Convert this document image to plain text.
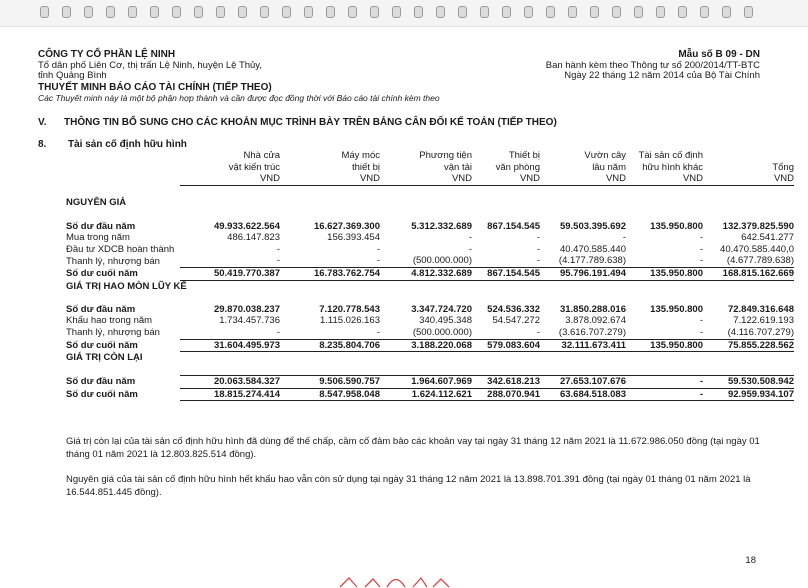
CÔNG TY CỔ PHẦN LỆ NINH
Tổ dân phố Liên Cơ, thị trấn Lệ Ninh, huyện Lệ Thủy,
tỉnh Quảng Bình
Mẫu số B 09 - DN
Ban hành kèm theo Thông tư số 200/2014/TT-BTC
Ngày 22 tháng 12 năm 2014 của Bộ Tài Chính
THUYẾT MINH BÁO CÁO TÀI CHÍNH (TIẾP THEO)
Các Thuyết minh này là một bộ phận hợp thành và cần được đọc đồng thời với Báo cáo tài chính kèm theo
V. THÔNG TIN BỔ SUNG CHO CÁC KHOẢN MỤC TRÌNH BÀY TRÊN BẢNG CÂN ĐỐI KẾ TOÁN (TIẾP THEO)
8. Tài sản cố định hữu hình
	Nhà cửa	Máy móc	Phương tiện	Thiết bị	Vườn cây	Tài sản cố định	
	vật kiến trúc	thiết bị	vận tải	văn phòng	lâu năm	hữu hình khác	Tổng
	VND	VND	VND	VND	VND	VND	VND

NGUYÊN GIÁ							

Số dư đầu năm	49.933.622.564	16.627.369.300	5.312.332.689	867.154.545	59.503.395.692	135.950.800	132.379.825.590
Mua trong năm	486.147.823	156.393.454	-	-	-	-	642.541.277
Đầu tư XDCB hoàn thành	-	-	-	-	40.470.585.440	-	40.470.585.440,0
Thanh lý, nhượng bán	-	-	(500.000.000)	-	(4.177.789.638)	-	(4.677.789.638)
Số dư cuối năm	50.419.770.387	16.783.762.754	4.812.332.689	867.154.545	95.796.191.494	135.950.800	168.815.162.669
GIÁ TRỊ HAO MÒN LŨY KẾ							

Số dư đầu năm	29.870.038.237	7.120.778.543	3.347.724.720	524.536.332	31.850.288.016	135.950.800	72.849.316.648
Khấu hao trong năm	1.734.457.736	1.115.026.163	340.495.348	54.547.272	3.878.092.674	-	7.122.619.193
Thanh lý, nhượng bán	-	-	(500.000.000)	-	(3.616.707.279)	-	(4.116.707.279)
Số dư cuối năm	31.604.495.973	8.235.804.706	3.188.220.068	579.083.604	32.111.673.411	135.950.800	75.855.228.562
GIÁ TRỊ CÒN LẠI							

Số dư đầu năm	20.063.584.327	9.506.590.757	1.964.607.969	342.618.213	27.653.107.676	-	59.530.508.942
Số dư cuối năm	18.815.274.414	8.547.958.048	1.624.112.621	288.070.941	63.684.518.083	-	92.959.934.107
Giá trị còn lại của tài sản cố định hữu hình đã dùng để thế chấp, cầm cố đảm bảo các khoản vay tại ngày 31 tháng 12 năm 2021 là 11.672.986.050 đồng (tại ngày 01 tháng 01 năm 2021 là 12.803.825.514 đồng).
Nguyên giá của tài sản cố định hữu hình hết khấu hao vẫn còn sử dụng tại ngày 31 tháng 12 năm 2021 là 13.898.701.391 đồng (tại ngày 01 tháng 01 năm 2021 là 16.544.851.445 đồng).
18
